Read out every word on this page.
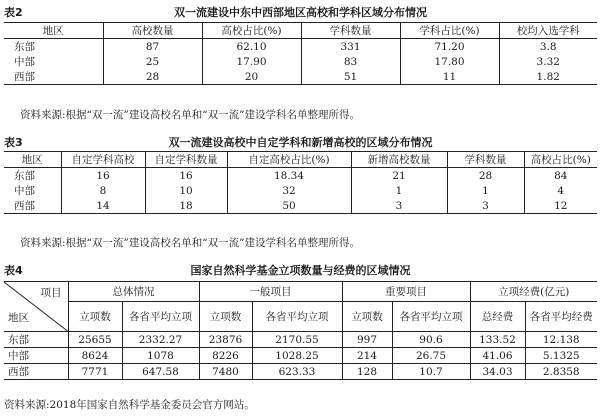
表2	双一流建设中东中西部地区高校和学科区域分布情况
地区	高校数量	高校占比(%)	学科数量	学科占比(%)	校均入选学科
东部	87	62.10	331	71.20	3.8
中部	25	17.90	83	17.80	3.32
西部	28	20	51	11	1.82
资料来源:根据“双一流”建设高校名单和“双一流”建设学科名单整理所得。
表3	双一流建设高校中自定学科和新增高校的区域分布情况
地区	自定学科高校	自定学科数量	自定高校占比(%)	新增高校数量	学科数量	高校占比(%)
东部	16	16	18.34	21	28	84
中部	8	10	32	1	1	4
西部	14	18	50	3	3	12
资料来源:根据“双一流”建设高校名单和“双一流”建设学科名单整理所得。
表4	国家自然科学基金立项数量与经费的区域情况
项目
地区	总体情况		一般项目		重要项目		立项经费(亿元)	
	立项数	各省平均立项	立项数	各省平均立项	立项数	各省平均立项	总经费	各省平均经费
东部	25655	2332.27	23876	2170.55	997	90.6	133.52	12.138
中部	8624	1078	8226	1028.25	214	26.75	41.06	5.1325
西部	7771	647.58	7480	623.33	128	10.7	34.03	2.8358
资料来源:2018年国家自然科学基金委员会官方网站。
